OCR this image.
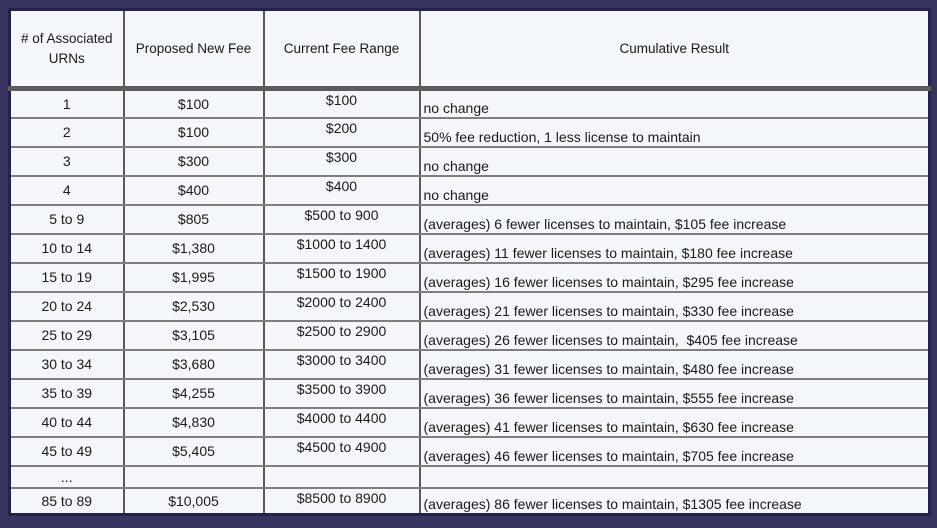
# of Associated URNs	Proposed New Fee	Current Fee Range	Cumulative Result
1	$100	$100	no change
2	$100	$200	50% fee reduction, 1 less license to maintain
3	$300	$300	no change
4	$400	$400	no change
5 to 9	$805	$500 to 900	(averages) 6 fewer licenses to maintain, $105 fee increase
10 to 14	$1,380	$1000 to 1400	(averages) 11 fewer licenses to maintain, $180 fee increase
15 to 19	$1,995	$1500 to 1900	(averages) 16 fewer licenses to maintain, $295 fee increase
20 to 24	$2,530	$2000 to 2400	(averages) 21 fewer licenses to maintain, $330 fee increase
25 to 29	$3,105	$2500 to 2900	(averages) 26 fewer licenses to maintain,  $405 fee increase
30 to 34	$3,680	$3000 to 3400	(averages) 31 fewer licenses to maintain, $480 fee increase
35 to 39	$4,255	$3500 to 3900	(averages) 36 fewer licenses to maintain, $555 fee increase
40 to 44	$4,830	$4000 to 4400	(averages) 41 fewer licenses to maintain, $630 fee increase
45 to 49	$5,405	$4500 to 4900	(averages) 46 fewer licenses to maintain, $705 fee increase
...			
85 to 89	$10,005	$8500 to 8900	(averages) 86 fewer licenses to maintain, $1305 fee increase
